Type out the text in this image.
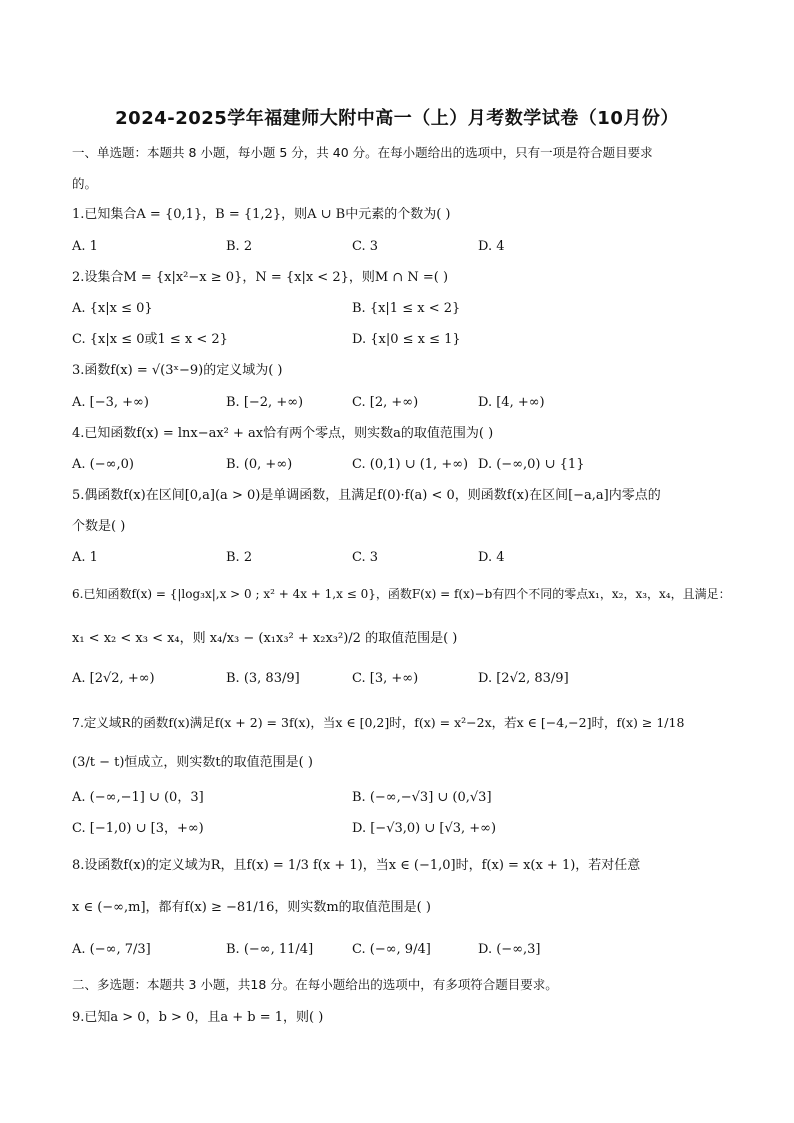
2024-2025学年福建师大附中高一（上）月考数学试卷（10月份）
一、单选题：本题共 8 小题，每小题 5 分，共 40 分。在每小题给出的选项中，只有一项是符合题目要求
的。
1.已知集合A = {0,1}，B = {1,2}，则A ∪ B中元素的个数为( )
A. 1	B. 2	C. 3	D. 4
2.设集合M = {x|x²−x ≥ 0}，N = {x|x < 2}，则M ∩ N =( )
A. {x|x ≤ 0}	B. {x|1 ≤ x < 2}
C. {x|x ≤ 0或1 ≤ x < 2}	D. {x|0 ≤ x ≤ 1}
3.函数f(x) = √(3ˣ−9)的定义域为( )
A. [−3, +∞)	B. [−2, +∞)	C. [2, +∞)	D. [4, +∞)
4.已知函数f(x) = lnx−ax² + ax恰有两个零点，则实数a的取值范围为( )
A. (−∞,0)	B. (0, +∞)	C. (0,1) ∪ (1, +∞) D. (−∞,0) ∪ {1}
5.偶函数f(x)在区间[0,a](a > 0)是单调函数，且满足f(0)·f(a) < 0，则函数f(x)在区间[−a,a]内零点的
个数是( )
A. 1	B. 2	C. 3	D. 4
6.已知函数f(x) = {|log₃x|,x > 0 ; x² + 4x + 1,x ≤ 0}，函数F(x) = f(x)−b有四个不同的零点x₁，x₂，x₃，x₄，且满足：
x₁ < x₂ < x₃ < x₄，则 x₄/x₃ − (x₁x₃² + x₂x₃²)/2 的取值范围是( )
A. [2√2, +∞)	B. (3, 83/9]	C. [3, +∞)	D. [2√2, 83/9]
7.定义域R的函数f(x)满足f(x + 2) = 3f(x)，当x ∈ [0,2]时，f(x) = x²−2x，若x ∈ [−4,−2]时，f(x) ≥ 1/18
(3/t − t)恒成立，则实数t的取值范围是( )
A. (−∞,−1] ∪ (0，3]	B. (−∞,−√3] ∪ (0,√3]
C. [−1,0) ∪ [3，+∞)	D. [−√3,0) ∪ [√3, +∞)
8.设函数f(x)的定义域为R，且f(x) = 1/3 f(x + 1)，当x ∈ (−1,0]时，f(x) = x(x + 1)，若对任意
x ∈ (−∞,m]，都有f(x) ≥ −81/16，则实数m的取值范围是( )
A. (−∞, 7/3]	B. (−∞, 11/4]	C. (−∞, 9/4]	D. (−∞,3]
二、多选题：本题共 3 小题，共18 分。在每小题给出的选项中，有多项符合题目要求。
9.已知a > 0，b > 0，且a + b = 1，则( )
